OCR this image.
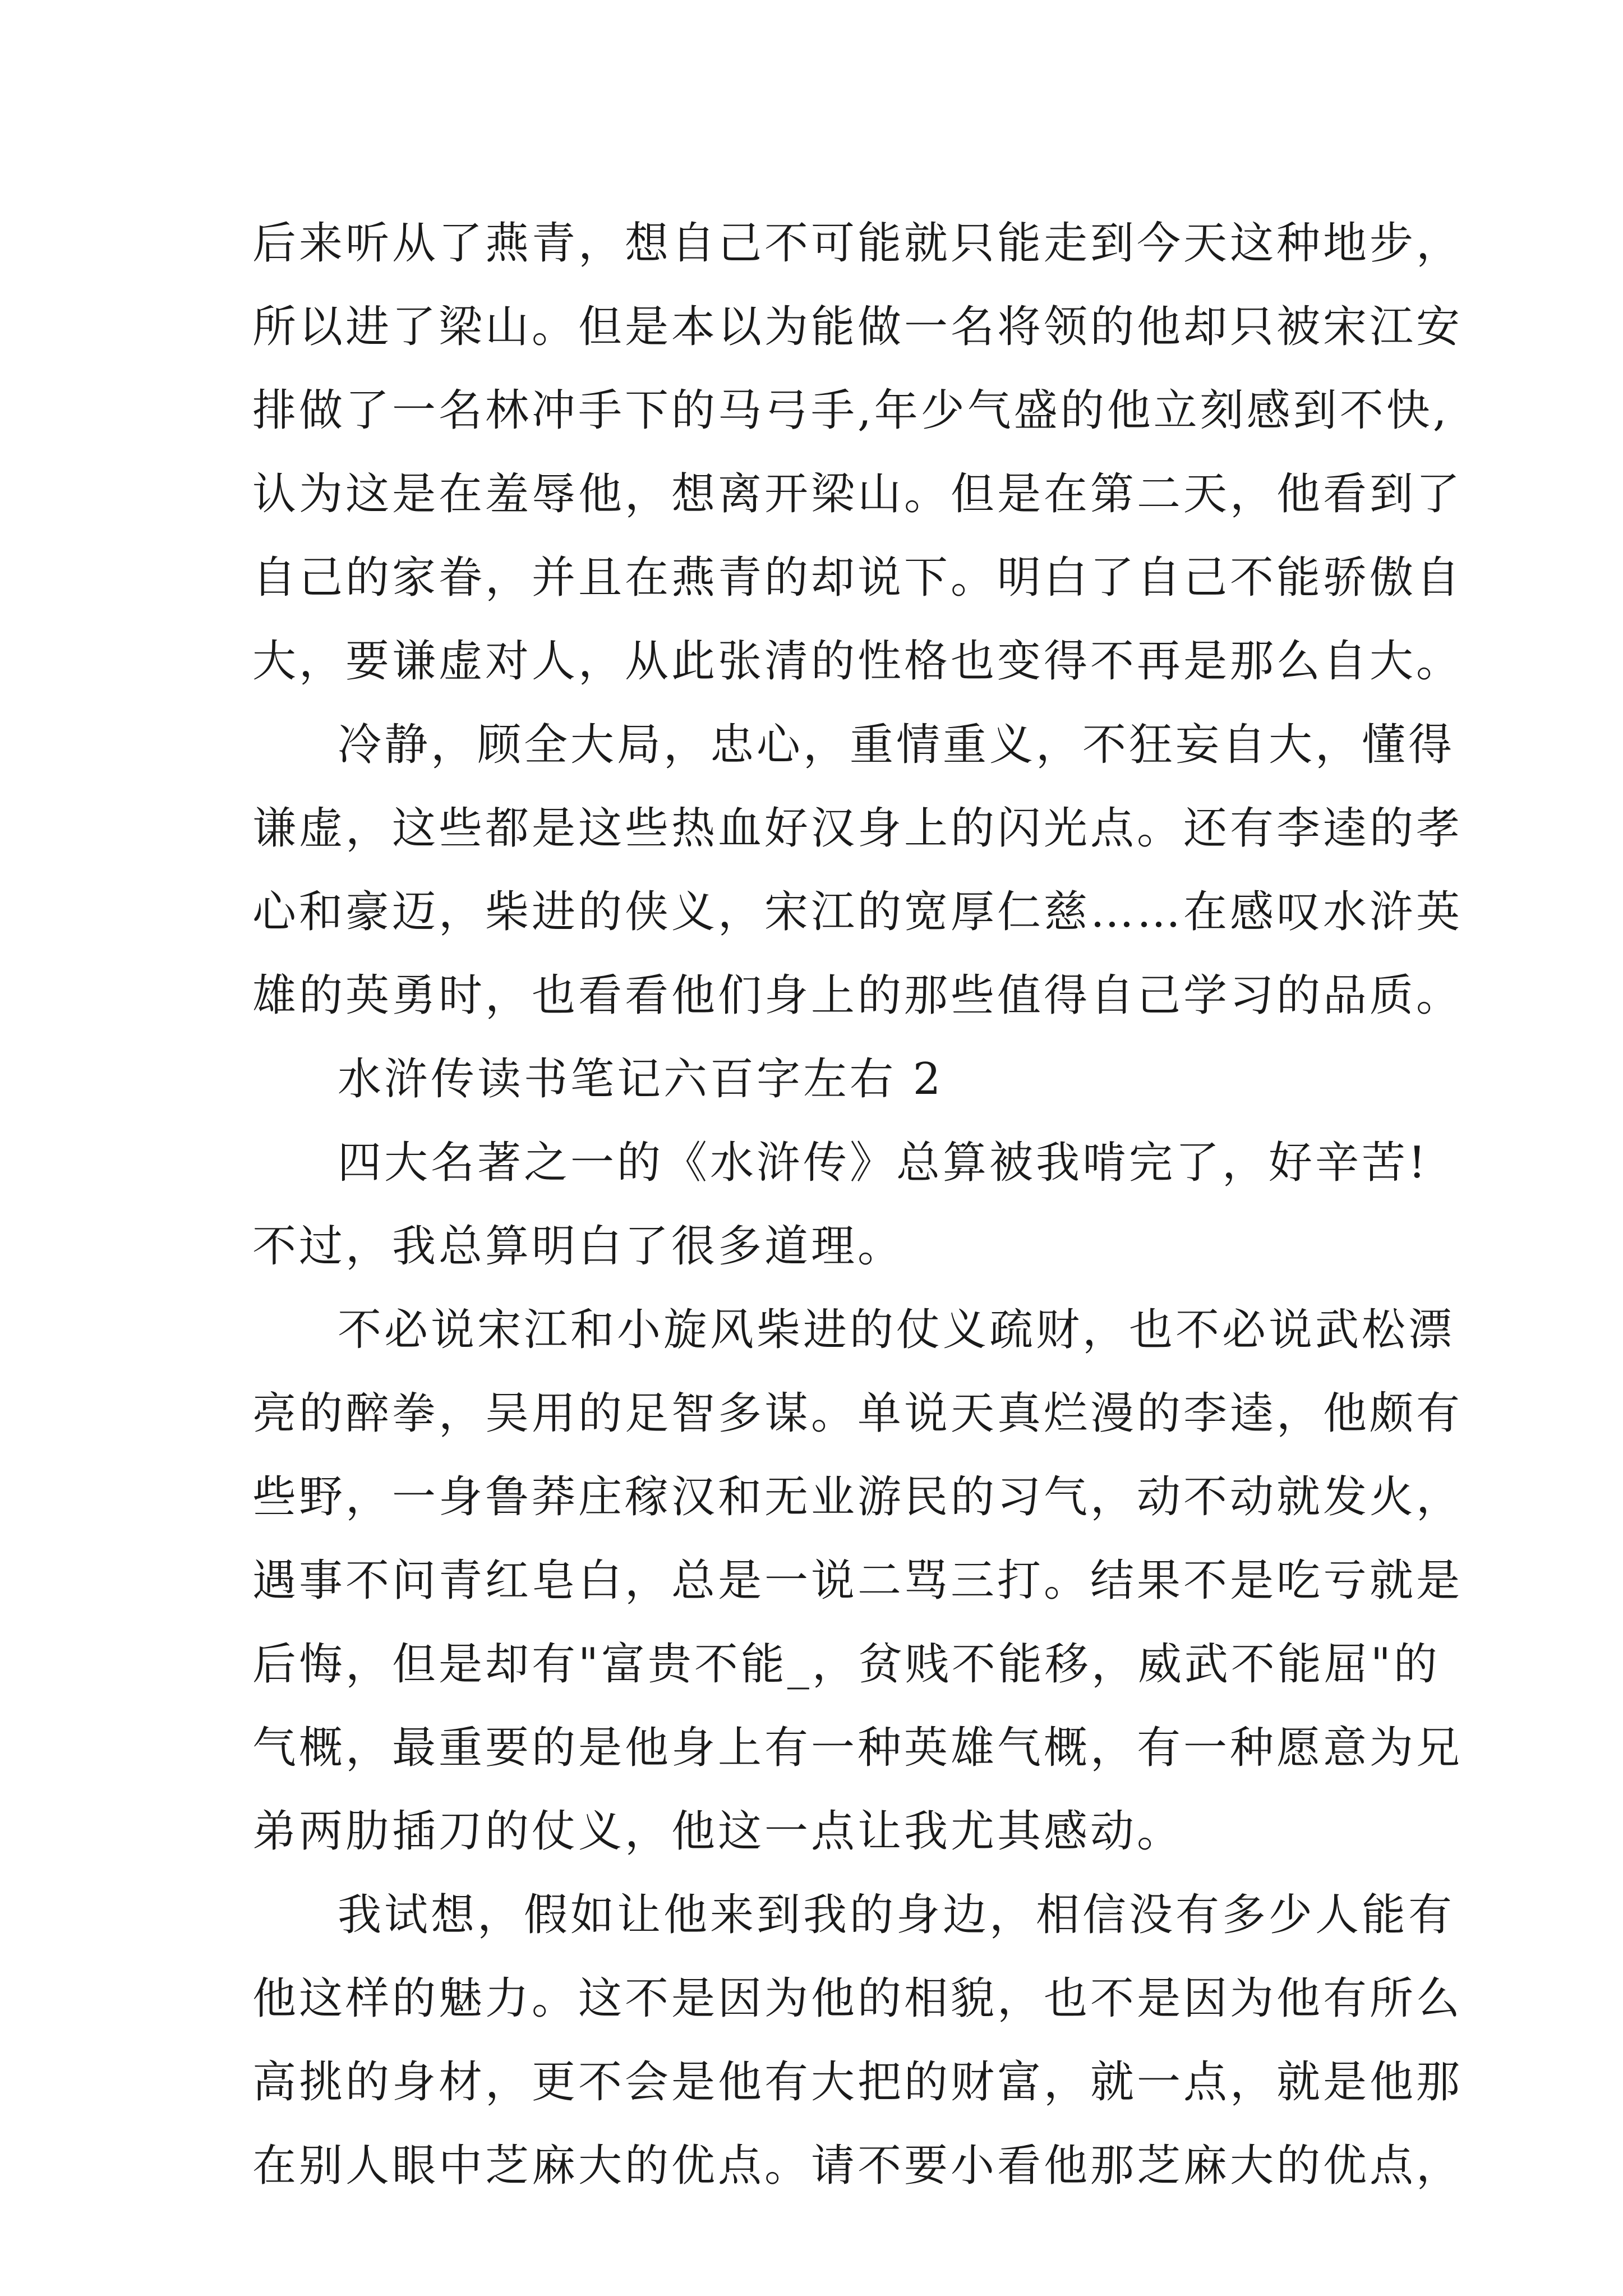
后来听从了燕青，想自己不可能就只能走到今天这种地步，
所以进了梁山。但是本以为能做一名将领的他却只被宋江安
排做了一名林冲手下的马弓手,年少气盛的他立刻感到不快,
认为这是在羞辱他，想离开梁山。但是在第二天，他看到了
自己的家眷，并且在燕青的却说下。明白了自己不能骄傲自
大，要谦虚对人，从此张清的性格也变得不再是那么自大。
冷静，顾全大局，忠心，重情重义，不狂妄自大，懂得
谦虚，这些都是这些热血好汉身上的闪光点。还有李逵的孝
心和豪迈，柴进的侠义，宋江的宽厚仁慈……在感叹水浒英
雄的英勇时，也看看他们身上的那些值得自己学习的品质。
水浒传读书笔记六百字左右 2
四大名著之一的《水浒传》总算被我啃完了，好辛苦!
不过，我总算明白了很多道理。
不必说宋江和小旋风柴进的仗义疏财，也不必说武松漂
亮的醉拳，吴用的足智多谋。单说天真烂漫的李逵，他颇有
些野，一身鲁莽庄稼汉和无业游民的习气，动不动就发火，
遇事不问青红皂白，总是一说二骂三打。结果不是吃亏就是
后悔，但是却有"富贵不能_，贫贱不能移，威武不能屈"的
气概，最重要的是他身上有一种英雄气概，有一种愿意为兄
弟两肋插刀的仗义，他这一点让我尤其感动。
我试想，假如让他来到我的身边，相信没有多少人能有
他这样的魅力。这不是因为他的相貌，也不是因为他有所么
高挑的身材，更不会是他有大把的财富，就一点，就是他那
在别人眼中芝麻大的优点。请不要小看他那芝麻大的优点，
